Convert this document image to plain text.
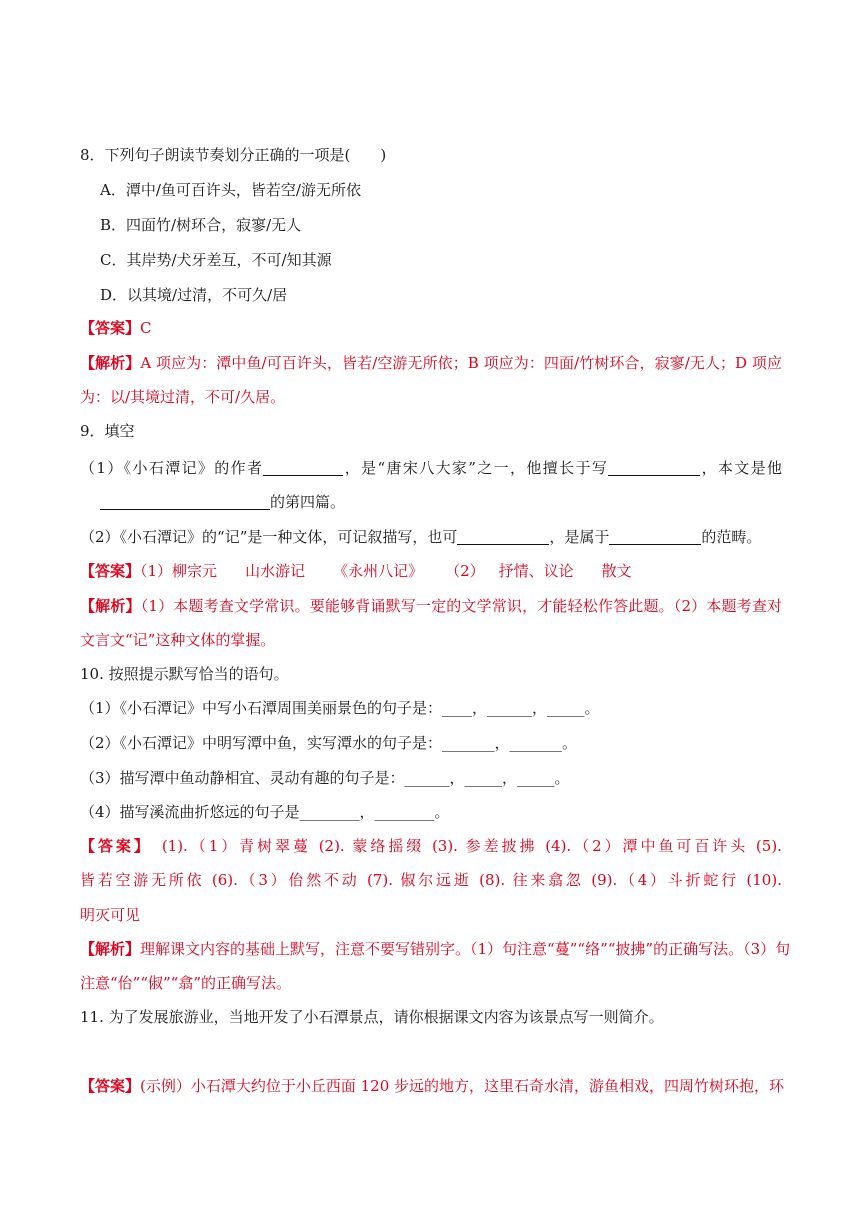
8．下列句子朗读节奏划分正确的一项是(　　)
A．潭中/鱼可百许头，皆若空/游无所依
B．四面竹/树环合，寂寥/无人
C．其岸势/犬牙差互，不可/知其源
D．以其境/过清，不可久/居
【答案】C
【解析】A 项应为：潭中鱼/可百许头，皆若/空游无所依；B 项应为：四面/竹树环合，寂寥/无人；D 项应
为：以/其境过清，不可/久居。
9．填空
（1）《小石潭记》的作者	，是“唐宋八大家”之一，他擅长于写	，本文是他
的第四篇。
（2）《小石潭记》的“记”是一种文体，可记叙描写，也可	，是属于	的范畴。
【答案】（1）柳宗元 山水游记 《永州八记》 （2） 抒情、议论 散文
【解析】（1）本题考查文学常识。要能够背诵默写一定的文学常识，才能轻松作答此题。（2）本题考查对
文言文“记”这种文体的掌握。
10. 按照提示默写恰当的语句。
（1）《小石潭记》中写小石潭周围美丽景色的句子是：____，______，_____。
（2）《小石潭记》中明写潭中鱼，实写潭水的句子是：_______，_______。
（3）描写潭中鱼动静相宜、灵动有趣的句子是：______，_____，_____。
（4）描写溪流曲折悠远的句子是________，________。
【答案】 (1).（1）青树翠蔓 (2). 蒙络摇缀 (3). 参差披拂 (4).（2）潭中鱼可百许头 (5).
皆若空游无所依 (6).（3）佁然不动 (7). 俶尔远逝 (8). 往来翕忽 (9).（4）斗折蛇行 (10).
明灭可见
【解析】理解课文内容的基础上默写，注意不要写错别字。（1）句注意“蔓”“络”“披拂”的正确写法。（3）句
注意“佁”“俶”“翕”的正确写法。
11. 为了发展旅游业，当地开发了小石潭景点，请你根据课文内容为该景点写一则简介。
【答案】(示例）小石潭大约位于小丘西面 120 步远的地方，这里石奇水清，游鱼相戏，四周竹树环抱，环
